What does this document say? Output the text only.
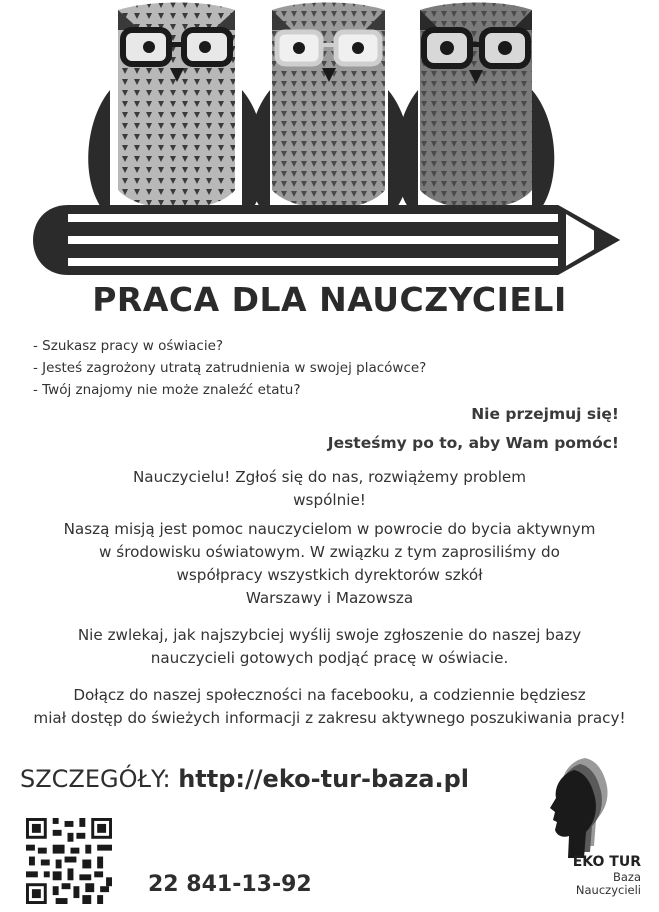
PRACA DLA NAUCZYCIELI
- Szukasz pracy w oświacie?
- Jesteś zagrożony utratą zatrudnienia w swojej placówce?
- Twój znajomy nie może znaleźć etatu?
Nie przejmuj się!
Jesteśmy po to, aby Wam pomóc!

Nauczycielu! Zgłoś się do nas, rozwiążemy problem
wspólnie!

Naszą misją jest pomoc nauczycielom w powrocie do bycia aktywnym
w środowisku oświatowym. W związku z tym zaprosiliśmy do
współpracy wszystkich dyrektorów szkół
Warszawy i Mazowsza

Nie zwlekaj, jak najszybciej wyślij swoje zgłoszenie do naszej bazy
nauczycieli gotowych podjąć pracę w oświacie.

Dołącz do naszej społeczności na facebooku, a codziennie będziesz
miał dostęp do świeżych informacji z zakresu aktywnego poszukiwania pracy!

SZCZEGÓŁY: http://eko-tur-baza.pl
22 841-13-92
EKO TUR
Baza
Nauczycieli
